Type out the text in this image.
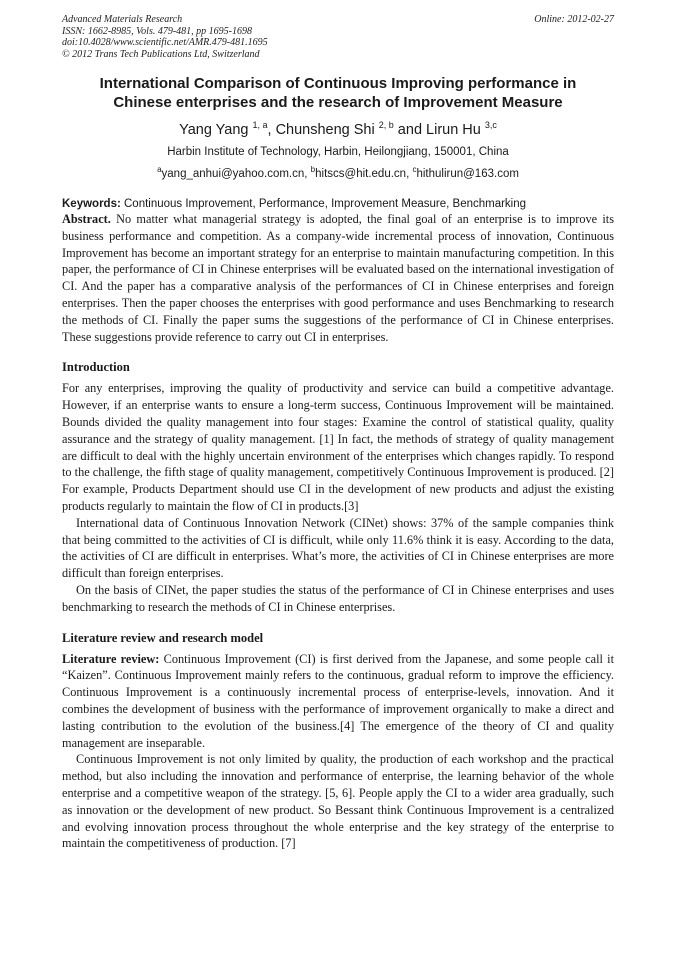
Advanced Materials Research
ISSN: 1662-8985, Vols. 479-481, pp 1695-1698
doi:10.4028/www.scientific.net/AMR.479-481.1695
© 2012 Trans Tech Publications Ltd, Switzerland
Online: 2012-02-27
International Comparison of Continuous Improving performance in
Chinese enterprises and the research of Improvement Measure
Yang Yang $^{1, a}$, Chunsheng Shi $^{2, b}$ and Lirun Hu $^{3,c}$
Harbin Institute of Technology, Harbin, Heilongjiang, 150001, China
$^a$yang_anhui@yahoo.com.cn, $^b$hitscs@hit.edu.cn, $^c$hithulirun@163.com
Keywords: Continuous Improvement, Performance, Improvement Measure, Benchmarking

Abstract. No matter what managerial strategy is adopted, the final goal of an enterprise is to improve its business performance and competition. As a company-wide incremental process of innovation, Continuous Improvement has become an important strategy for an enterprise to maintain manufacturing competition. In this paper, the performance of CI in Chinese enterprises will be evaluated based on the international investigation of CI. And the paper has a comparative analysis of the performances of CI in Chinese enterprises and foreign enterprises. Then the paper chooses the enterprises with good performance and uses Benchmarking to research the methods of CI. Finally the paper sums the suggestions of the performance of CI in Chinese enterprises. These suggestions provide reference to carry out CI in enterprises.

Introduction

For any enterprises, improving the quality of productivity and service can build a competitive advantage. However, if an enterprise wants to ensure a long-term success, Continuous Improvement will be maintained. Bounds divided the quality management into four stages: Examine the control of statistical quality, quality assurance and the strategy of quality management. [1] In fact, the methods of strategy of quality management are difficult to deal with the highly uncertain environment of the enterprises which changes rapidly. To respond to the challenge, the fifth stage of quality management, competitively Continuous Improvement is produced. [2] For example, Products Department should use CI in the development of new products and adjust the existing products regularly to maintain the flow of CI in products.[3]

International data of Continuous Innovation Network (CINet) shows: 37% of the sample companies think that being committed to the activities of CI is difficult, while only 11.6% think it is easy. According to the data, the activities of CI are difficult in enterprises. What’s more, the activities of CI in Chinese enterprises are more difficult than foreign enterprises.

On the basis of CINet, the paper studies the status of the performance of CI in Chinese enterprises and uses benchmarking to research the methods of CI in Chinese enterprises.

Literature review and research model

Literature review: Continuous Improvement (CI) is first derived from the Japanese, and some people call it “Kaizen”. Continuous Improvement mainly refers to the continuous, gradual reform to improve the efficiency. Continuous Improvement is a continuously incremental process of enterprise-levels, innovation. And it combines the development of business with the performance of improvement organically to make a direct and lasting contribution to the evolution of the business.[4] The emergence of the theory of CI and quality management are inseparable.

Continuous Improvement is not only limited by quality, the production of each workshop and the practical method, but also including the innovation and performance of enterprise, the learning behavior of the whole enterprise and a competitive weapon of the strategy. [5, 6]. People apply the CI to a wider area gradually, such as innovation or the development of new product. So Bessant think Continuous Improvement is a centralized and evolving innovation process throughout the whole enterprise and the key strategy of the enterprise to maintain the competitiveness of production. [7]
